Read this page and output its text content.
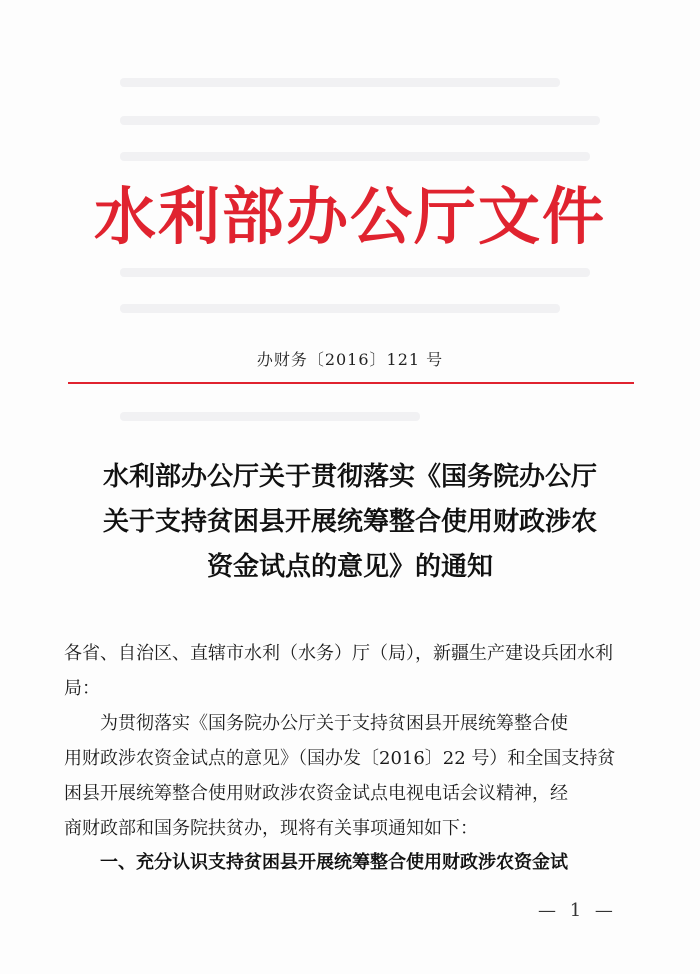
水利部办公厅文件
办财务〔2016〕121 号
水利部办公厅关于贯彻落实《国务院办公厅
关于支持贫困县开展统筹整合使用财政涉农
资金试点的意见》的通知
各省、自治区、直辖市水利（水务）厅（局），新疆生产建设兵团水利
局：
　　为贯彻落实《国务院办公厅关于支持贫困县开展统筹整合使
用财政涉农资金试点的意见》（国办发〔2016〕22 号）和全国支持贫
困县开展统筹整合使用财政涉农资金试点电视电话会议精神，经
商财政部和国务院扶贫办，现将有关事项通知如下：
　　一、充分认识支持贫困县开展统筹整合使用财政涉农资金试
— 1 —
